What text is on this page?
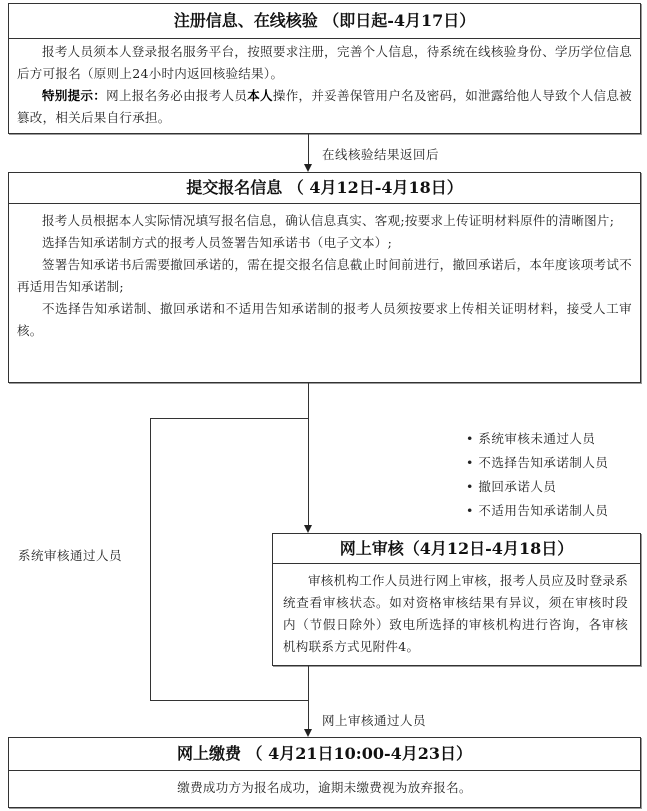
注册信息、在线核验 （即日起-4月17日）

报考人员须本人登录报名服务平台，按照要求注册，完善个人信息，待系统在线核验身份、学历学位信息后方可报名（原则上24小时内返回核验结果）。

特别提示：网上报名务必由报考人员本人操作，并妥善保管用户名及密码，如泄露给他人导致个人信息被篡改，相关后果自行承担。

在线核验结果返回后
提交报名信息 （ 4月12日-4月18日）

报考人员根据本人实际情况填写报名信息，确认信息真实、客观;按要求上传证明材料原件的清晰图片;

选择告知承诺制方式的报考人员签署告知承诺书（电子文本）;

签署告知承诺书后需要撤回承诺的，需在提交报名信息截止时间前进行，撤回承诺后，本年度该项考试不再适用告知承诺制;

不选择告知承诺制、撤回承诺和不适用告知承诺制的报考人员须按要求上传相关证明材料，接受人工审核。

• 系统审核未通过人员
• 不选择告知承诺制人员
• 撤回承诺人员
• 不适用告知承诺制人员
系统审核通过人员	网上审核（4月12日-4月18日）

审核机构工作人员进行网上审核，报考人员应及时登录系统查看审核状态。如对资格审核结果有异议，须在审核时段内（节假日除外）致电所选择的审核机构进行咨询，各审核机构联系方式见附件4。

网上审核通过人员
网上缴费 （ 4月21日10:00-4月23日）
缴费成功方为报名成功，逾期未缴费视为放弃报名。
